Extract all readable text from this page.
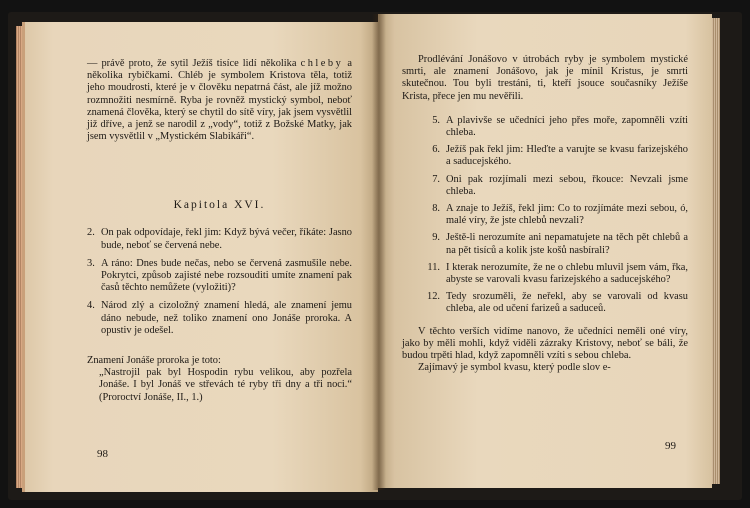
— právě proto, že sytil Ježíš tisíce lidí několika chleby a několika rybičkami. Chléb je symbolem Kristova těla, totiž jeho moudrosti, které je v člověku nepatrná část, ale jíž možno rozmnožiti nesmírně. Ryba je rovněž mystický symbol, neboť znamená člověka, který se chytil do sítě víry, jak jsem vysvětlil již dříve, a jenž se narodil z „vody“, totiž z Božské Matky, jak jsem vysvětlil v „Mystickém Slabikáři“.

Kapitola XVI.
2. On pak odpovídaje, řekl jim: Když bývá večer, říkáte: Jasno bude, neboť se červená nebe.
3. A ráno: Dnes bude nečas, nebo se červená zasmušile nebe. Pokrytci, způsob zajisté nebe rozsouditi umíte znamení pak časů těchto nemůžete (vyložiti)?
4. Národ zlý a cizoložný znamení hledá, ale znamení jemu dáno nebude, než toliko znamení ono Jonáše proroka. A opustiv je odešel.

Znamení Jonáše proroka je toto:

„Nastrojil pak byl Hospodin rybu velikou, aby pozřela Jonáše. I byl Jonáš ve střevách té ryby tři dny a tři noci.“ (Proroctví Jonáše, II., 1.)

98

Prodlévání Jonášovo v útrobách ryby je symbolem mystické smrti, ale znamení Jonášovo, jak je mínil Kristus, je smrti skutečnou. Tou byli trestáni, ti, kteří jsouce současníky Ježíše Krista, přece jen mu nevěřili.

5. A plavivše se učedníci jeho přes moře, zapomněli vzíti chleba.
6. Ježíš pak řekl jim: Hleďte a varujte se kvasu farizejského a saducejského.
7. Oni pak rozjímali mezi sebou, řkouce: Nevzali jsme chleba.
8. A znaje to Ježíš, řekl jim: Co to rozjímáte mezi sebou, ó, malé víry, že jste chlebů nevzali?
9. Ještě-li nerozumíte ani nepamatujete na těch pět chlebů a na pět tisíců a kolik jste košů nasbírali?
11. I kterak nerozumíte, že ne o chlebu mluvil jsem vám, řka, abyste se varovali kvasu farizejského a saducejského?
12. Tedy srozuměli, že neřekl, aby se varovali od kvasu chleba, ale od učení farizeů a saduceů.

V těchto verších vidíme nanovo, že učedníci neměli oné víry, jako by měli mohli, když viděli zázraky Kristovy, neboť se báli, že budou trpěti hlad, když zapomněli vzíti s sebou chleba.

Zajímavý je symbol kvasu, který podle slov e-

99
